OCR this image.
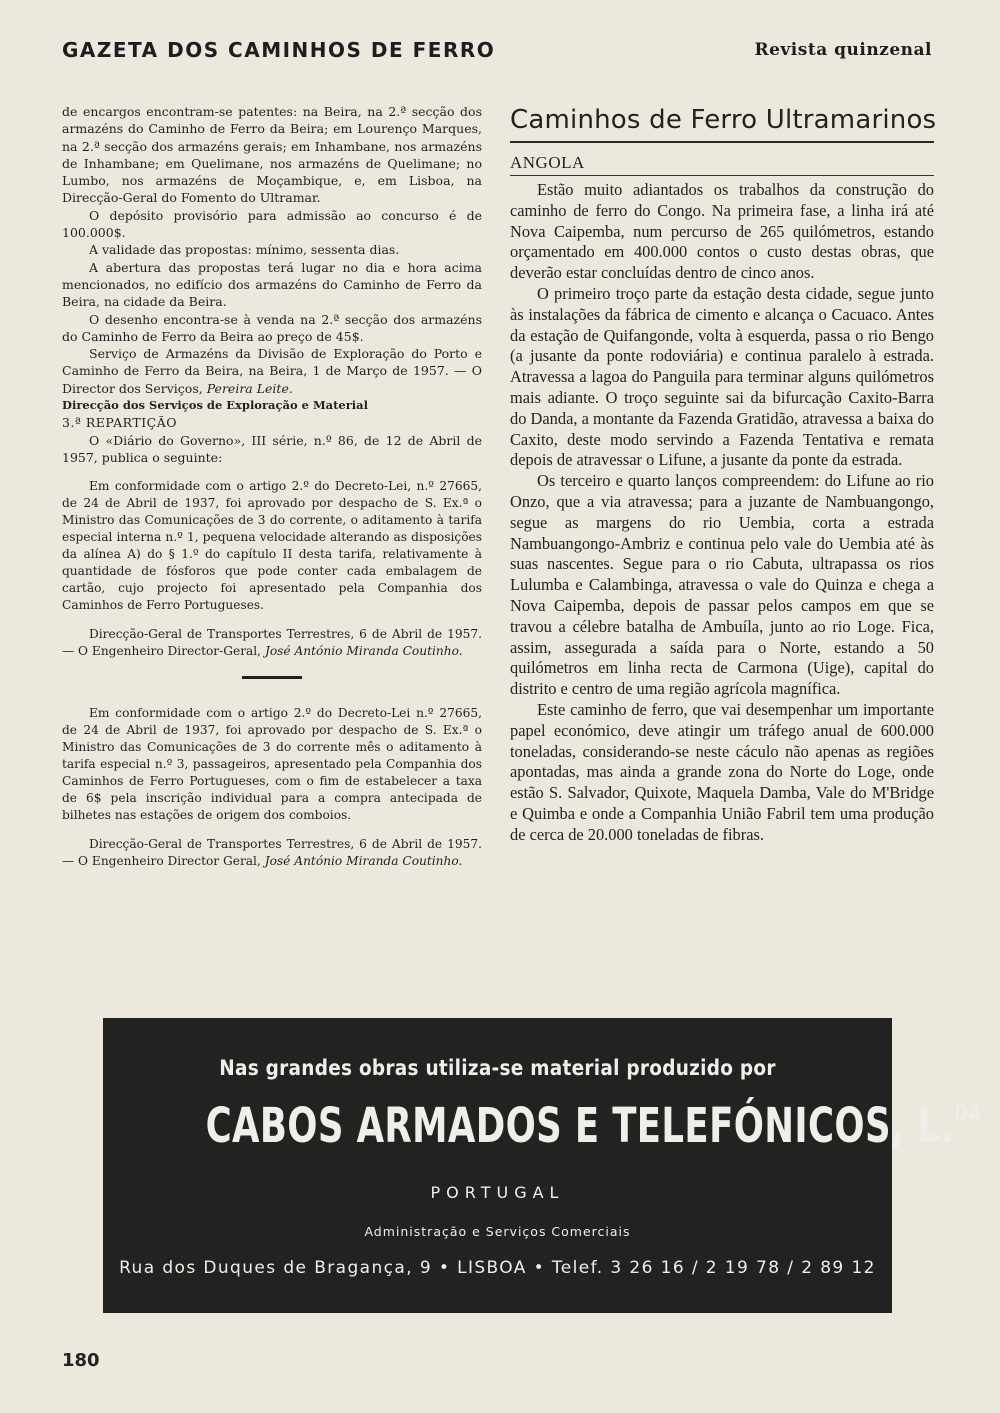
GAZETA DOS CAMINHOS DE FERRO	Revista quinzenal

de encargos encontram-se patentes: na Beira, na 2.ª secção dos armazéns do Caminho de Ferro da Beira; em Lourenço Marques, na 2.ª secção dos armazéns gerais; em Inhambane, nos armazéns de Inhambane; em Quelimane, nos armazéns de Quelimane; no Lumbo, nos armazéns de Moçambique, e, em Lisboa, na Direcção-Geral do Fomento do Ultramar.

O depósito provisório para admissão ao concurso é de 100.000$.

A validade das propostas: mínimo, sessenta dias.

A abertura das propostas terá lugar no dia e hora acima mencionados, no edifício dos armazéns do Caminho de Ferro da Beira, na cidade da Beira.

O desenho encontra-se à venda na 2.ª secção dos armazéns do Caminho de Ferro da Beira ao preço de 45$.

Serviço de Armazéns da Divisão de Exploração do Porto e Caminho de Ferro da Beira, na Beira, 1 de Março de 1957. — O Director dos Serviços, Pereira Leite.

Direcção dos Serviços de Exploração e Material

3.ª REPARTIÇÃO

O «Diário do Governo», III série, n.º 86, de 12 de Abril de 1957, publica o seguinte:

Em conformidade com o artigo 2.º do Decreto-Lei, n.º 27665, de 24 de Abril de 1937, foi aprovado por despacho de S. Ex.ª o Ministro das Comunicações de 3 do corrente, o aditamento à tarifa especial interna n.º 1, pequena velocidade alterando as disposições da alínea A) do § 1.º do capítulo II desta tarifa, relativamente à quantidade de fósforos que pode conter cada embalagem de cartão, cujo projecto foi apresentado pela Companhia dos Caminhos de Ferro Portugueses.

Direcção-Geral de Transportes Terrestres, 6 de Abril de 1957. — O Engenheiro Director-Geral, José António Miranda Coutinho.

Em conformidade com o artigo 2.º do Decreto-Lei n.º 27665, de 24 de Abril de 1937, foi aprovado por despacho de S. Ex.ª o Ministro das Comunicações de 3 do corrente mês o aditamento à tarifa especial n.º 3, passageiros, apresentado pela Companhia dos Caminhos de Ferro Portugueses, com o fim de estabelecer a taxa de 6$ pela inscrição individual para a compra antecipada de bilhetes nas estações de origem dos comboios.

Direcção-Geral de Transportes Terrestres, 6 de Abril de 1957. — O Engenheiro Director Geral, José António Miranda Coutinho.

Caminhos de Ferro Ultramarinos
ANGOLA

Estão muito adiantados os trabalhos da construção do caminho de ferro do Congo. Na primeira fase, a linha irá até Nova Caipemba, num percurso de 265 quilómetros, estando orçamentado em 400.000 contos o custo destas obras, que deverão estar concluídas dentro de cinco anos.

O primeiro troço parte da estação desta cidade, segue junto às instalações da fábrica de cimento e alcança o Cacuaco. Antes da estação de Quifangonde, volta à esquerda, passa o rio Bengo (a jusante da ponte rodoviária) e continua paralelo à estrada. Atravessa a lagoa do Panguila para terminar alguns quilómetros mais adiante. O troço seguinte sai da bifurcação Caxito-Barra do Danda, a montante da Fazenda Gratidão, atravessa a baixa do Caxito, deste modo servindo a Fazenda Tentativa e remata depois de atravessar o Lifune, a jusante da ponte da estrada.

Os terceiro e quarto lanços compreendem: do Lifune ao rio Onzo, que a via atravessa; para a juzante de Nambuangongo, segue as margens do rio Uembia, corta a estrada Nambuangongo-Ambriz e continua pelo vale do Uembia até às suas nascentes. Segue para o rio Cabuta, ultrapassa os rios Lulumba e Calambinga, atravessa o vale do Quinza e chega a Nova Caipemba, depois de passar pelos campos em que se travou a célebre batalha de Ambuíla, junto ao rio Loge. Fica, assim, assegurada a saída para o Norte, estando a 50 quilómetros em linha recta de Carmona (Uige), capital do distrito e centro de uma região agrícola magnífica.

Este caminho de ferro, que vai desempenhar um importante papel económico, deve atingir um tráfego anual de 600.000 toneladas, considerando-se neste cáculo não apenas as regiões apontadas, mas ainda a grande zona do Norte do Loge, onde estão S. Salvador, Quixote, Maquela Damba, Vale do M'Bridge e Quimba e onde a Companhia União Fabril tem uma produção de cerca de 20.000 toneladas de fibras.

Nas grandes obras utiliza-se material produzido por
CABOS ARMADOS E TELEFÓNICOS, L.$^{DA}$
PORTUGAL
Administração e Serviços Comerciais
Rua dos Duques de Bragança, 9 • LISBOA • Telef. 3 26 16 / 2 19 78 / 2 89 12
180
